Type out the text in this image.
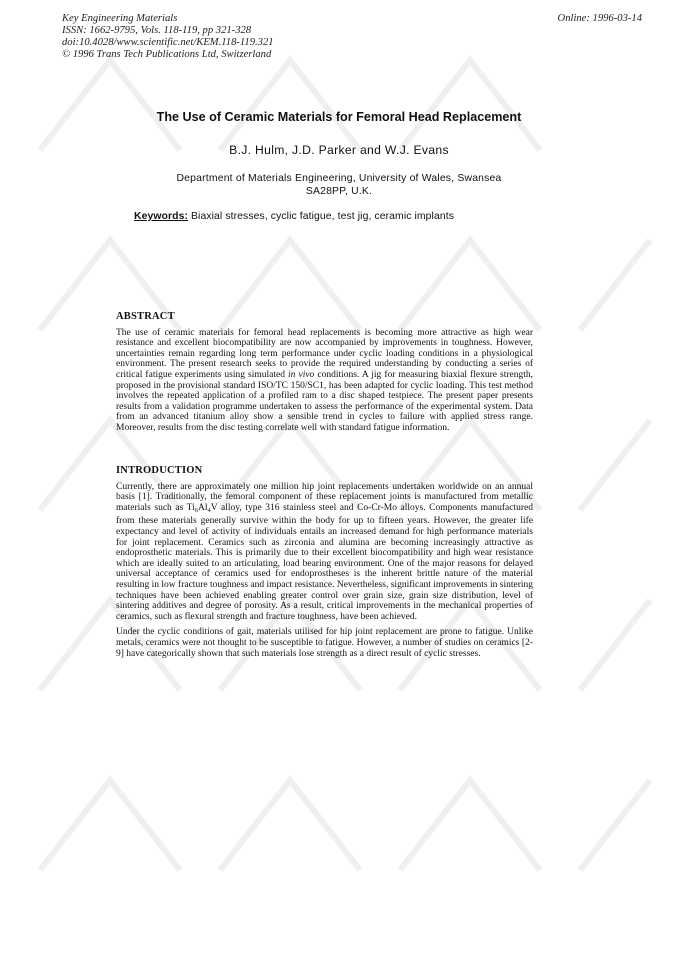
Key Engineering Materials
ISSN: 1662-9795, Vols. 118-119, pp 321-328
doi:10.4028/www.scientific.net/KEM.118-119.321
© 1996 Trans Tech Publications Ltd, Switzerland
Online: 1996-03-14
The Use of Ceramic Materials for Femoral Head Replacement
B.J. Hulm, J.D. Parker and W.J. Evans
Department of Materials Engineering, University of Wales, Swansea
SA28PP, U.K.
Keywords: Biaxial stresses, cyclic fatigue, test jig, ceramic implants
ABSTRACT

The use of ceramic materials for femoral head replacements is becoming more attractive as high wear resistance and excellent biocompatibility are now accompanied by improvements in toughness. However, uncertainties remain regarding long term performance under cyclic loading conditions in a physiological environment. The present research seeks to provide the required understanding by conducting a series of critical fatigue experiments using simulated in vivo conditions. A jig for measuring biaxial flexure strength, proposed in the provisional standard ISO/TC 150/SC1, has been adapted for cyclic loading. This test method involves the repeated application of a profiled ram to a disc shaped testpiece. The present paper presents results from a validation programme undertaken to assess the performance of the experimental system. Data from an advanced titanium alloy show a sensible trend in cycles to failure with applied stress range. Moreover, results from the disc testing correlate well with standard fatigue information.

INTRODUCTION

Currently, there are approximately one million hip joint replacements undertaken worldwide on an annual basis [1]. Traditionally, the femoral component of these replacement joints is manufactured from metallic materials such as $Ti_6Al_4V$ alloy, type 316 stainless steel and Co-Cr-Mo alloys. Components manufactured from these materials generally survive within the body for up to fifteen years. However, the greater life expectancy and level of activity of individuals entails an increased demand for high performance materials for joint replacement. Ceramics such as zirconia and alumina are becoming increasingly attractive as endoprosthetic materials. This is primarily due to their excellent biocompatibility and high wear resistance which are ideally suited to an articulating, load bearing environment. One of the major reasons for delayed universal acceptance of ceramics used for endoprostheses is the inherent brittle nature of the material resulting in low fracture toughness and impact resistance. Nevertheless, significant improvements in sintering techniques have been achieved enabling greater control over grain size, grain size distribution, level of sintering additives and degree of porosity. As a result, critical improvements in the mechanical properties of ceramics, such as flexural strength and fracture toughness, have been achieved.

Under the cyclic conditions of gait, materials utilised for hip joint replacement are prone to fatigue. Unlike metals, ceramics were not thought to be susceptible to fatigue. However, a number of studies on ceramics [2-9] have categorically shown that such materials lose strength as a direct result of cyclic stresses.
